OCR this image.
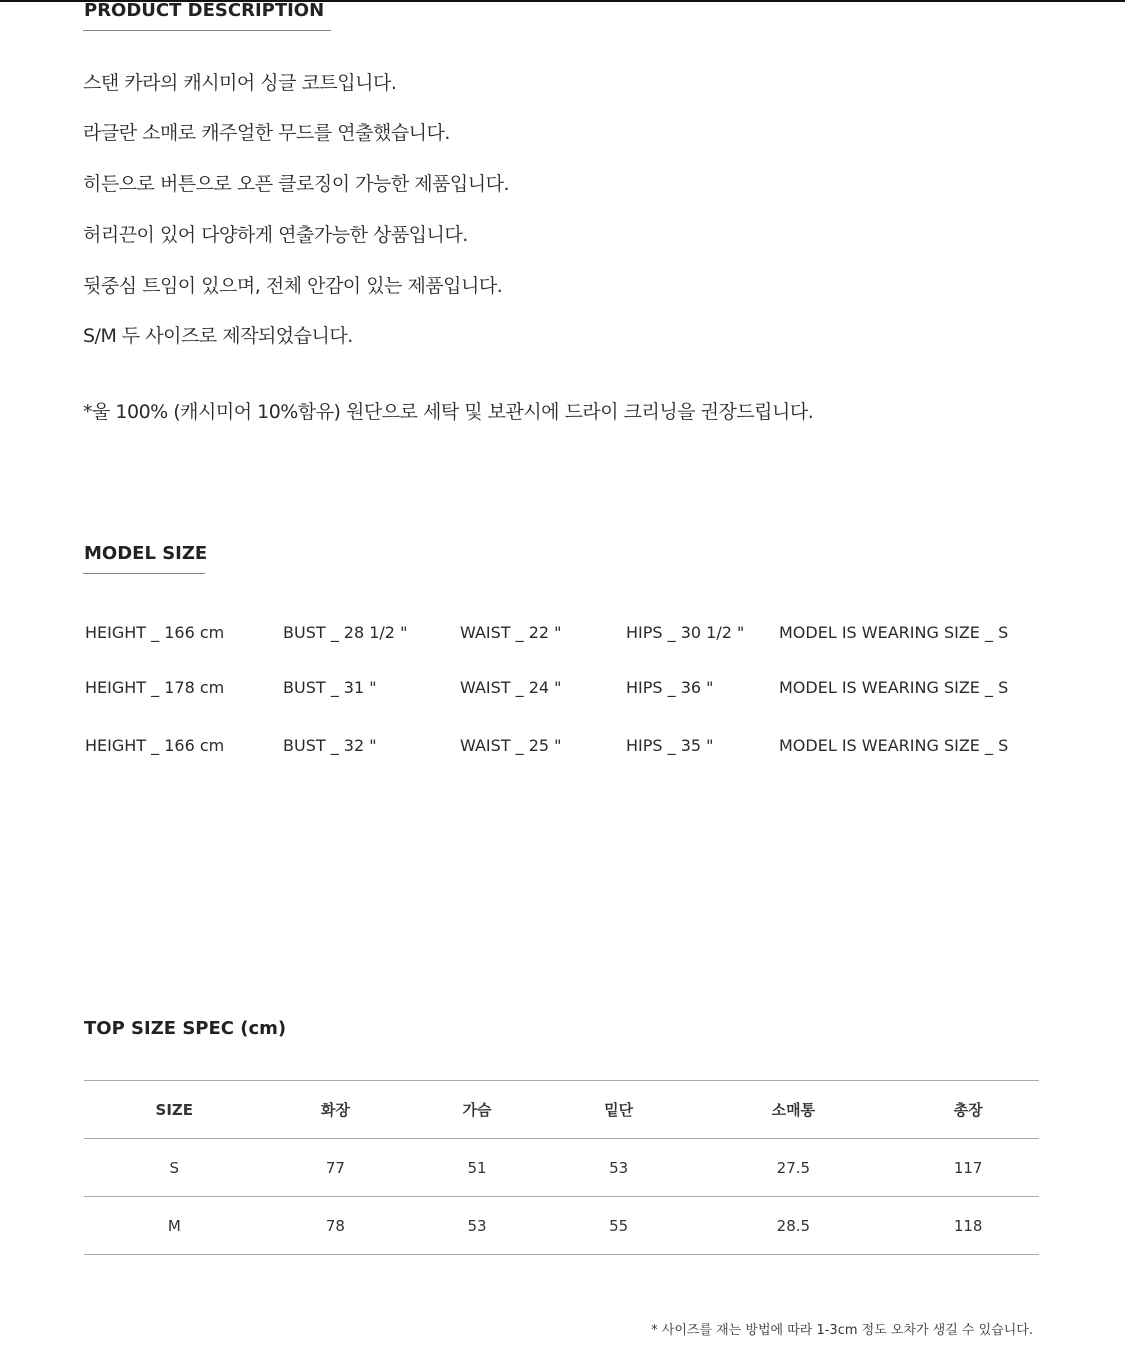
PRODUCT DESCRIPTION
스탠 카라의 캐시미어 싱글 코트입니다.
라글란 소매로 캐주얼한 무드를 연출했습니다.
히든으로 버튼으로 오픈 클로징이 가능한 제품입니다.
허리끈이 있어 다양하게 연출가능한 상품입니다.
뒷중심 트임이 있으며, 전체 안감이 있는 제품입니다.
S/M 두 사이즈로 제작되었습니다.
*울 100% (캐시미어 10%함유) 원단으로 세탁 및 보관시에 드라이 크리닝을 권장드립니다.
MODEL SIZE
HEIGHT _ 166 cm	BUST _ 28 1/2 "	WAIST _ 22 "	HIPS _ 30 1/2 " MODEL IS WEARING SIZE _ S
HEIGHT _ 178 cm	BUST _ 31 "	WAIST _ 24 "	HIPS _ 36 "	MODEL IS WEARING SIZE _ S
HEIGHT _ 166 cm	BUST _ 32 "	WAIST _ 25 "	HIPS _ 35 "	MODEL IS WEARING SIZE _ S
TOP SIZE SPEC (cm)
SIZE	화장	가슴	밑단	소매통	총장
S	77	51	53	27.5	117
M	78	53	55	28.5	118
* 사이즈를 재는 방법에 따라 1-3cm 정도 오차가 생길 수 있습니다.
